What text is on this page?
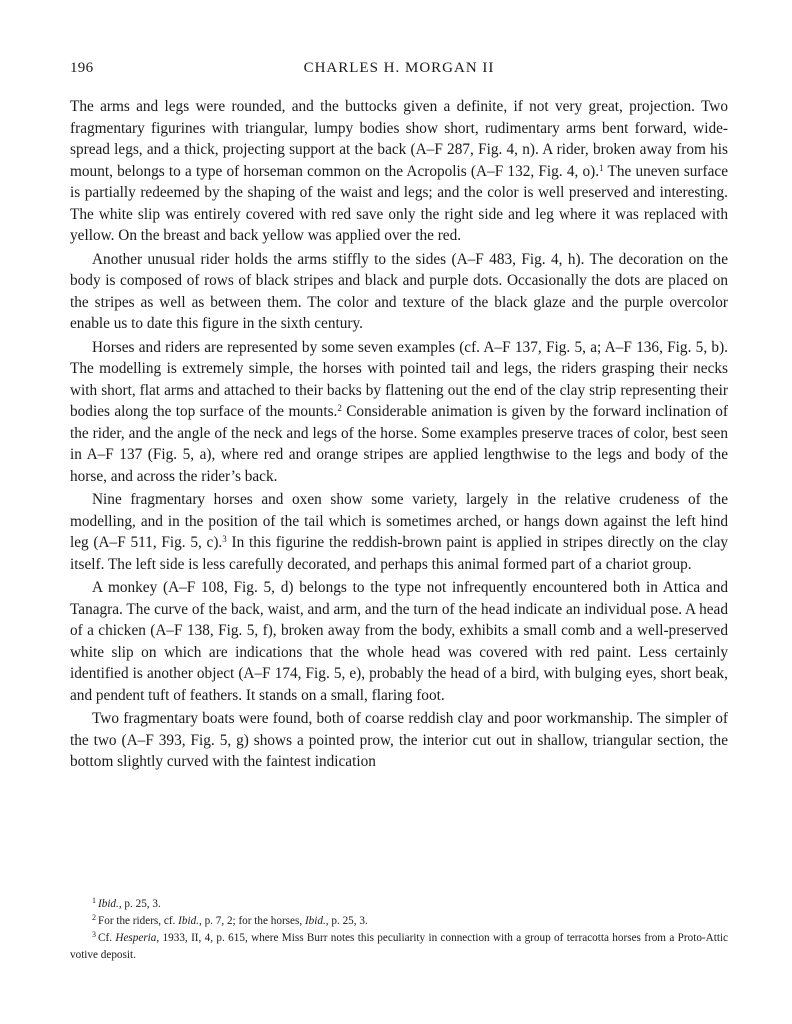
196	CHARLES H. MORGAN II

The arms and legs were rounded, and the buttocks given a definite, if not very great, projection. Two fragmentary figurines with triangular, lumpy bodies show short, rudimentary arms bent forward, wide-spread legs, and a thick, projecting support at the back (A–F 287, Fig. 4, n). A rider, broken away from his mount, belongs to a type of horseman common on the Acropolis (A–F 132, Fig. 4, o).$^1$ The uneven surface is partially redeemed by the shaping of the waist and legs; and the color is well preserved and interesting. The white slip was entirely covered with red save only the right side and leg where it was replaced with yellow. On the breast and back yellow was applied over the red.

Another unusual rider holds the arms stiffly to the sides (A–F 483, Fig. 4, h). The decoration on the body is composed of rows of black stripes and black and purple dots. Occasionally the dots are placed on the stripes as well as between them. The color and texture of the black glaze and the purple overcolor enable us to date this figure in the sixth century.

Horses and riders are represented by some seven examples (cf. A–F 137, Fig. 5, a; A–F 136, Fig. 5, b). The modelling is extremely simple, the horses with pointed tail and legs, the riders grasping their necks with short, flat arms and attached to their backs by flattening out the end of the clay strip representing their bodies along the top surface of the mounts.$^2$ Considerable animation is given by the forward inclination of the rider, and the angle of the neck and legs of the horse. Some examples preserve traces of color, best seen in A–F 137 (Fig. 5, a), where red and orange stripes are applied lengthwise to the legs and body of the horse, and across the rider’s back.

Nine fragmentary horses and oxen show some variety, largely in the relative crudeness of the modelling, and in the position of the tail which is sometimes arched, or hangs down against the left hind leg (A–F 511, Fig. 5, c).$^3$ In this figurine the reddish-brown paint is applied in stripes directly on the clay itself. The left side is less carefully decorated, and perhaps this animal formed part of a chariot group.

A monkey (A–F 108, Fig. 5, d) belongs to the type not infrequently encountered both in Attica and Tanagra. The curve of the back, waist, and arm, and the turn of the head indicate an individual pose. A head of a chicken (A–F 138, Fig. 5, f), broken away from the body, exhibits a small comb and a well-preserved white slip on which are indications that the whole head was covered with red paint. Less certainly identified is another object (A–F 174, Fig. 5, e), probably the head of a bird, with bulging eyes, short beak, and pendent tuft of feathers. It stands on a small, flaring foot.

Two fragmentary boats were found, both of coarse reddish clay and poor workmanship. The simpler of the two (A–F 393, Fig. 5, g) shows a pointed prow, the interior cut out in shallow, triangular section, the bottom slightly curved with the faintest indication

$^1$ Ibid., p. 25, 3.

$^2$ For the riders, cf. Ibid., p. 7, 2; for the horses, Ibid., p. 25, 3.

$^3$ Cf. Hesperia, 1933, II, 4, p. 615, where Miss Burr notes this peculiarity in connection with a group of terracotta horses from a Proto-Attic votive deposit.
